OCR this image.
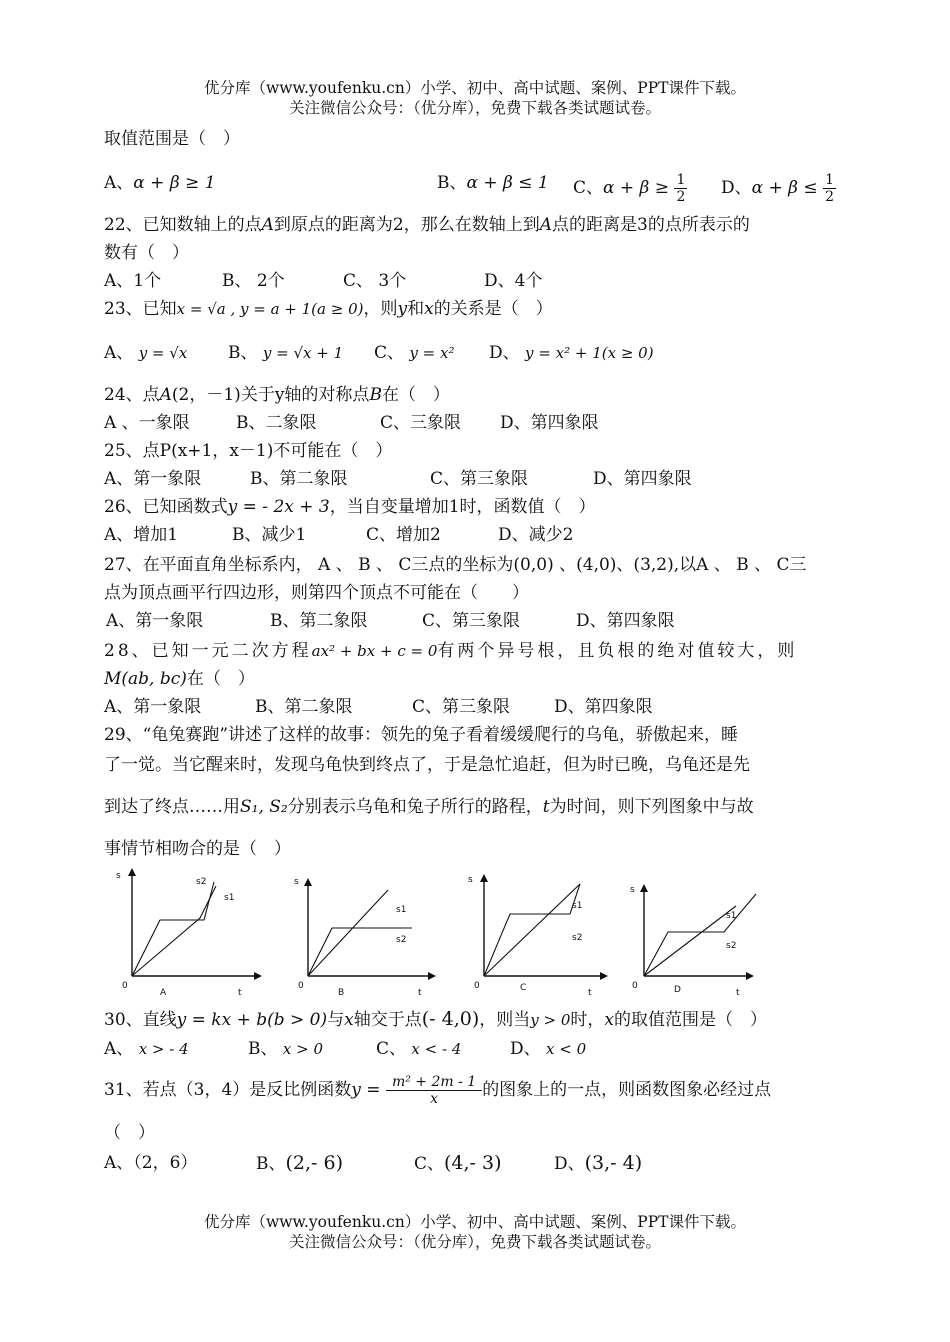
优分库（www.youfenku.cn）小学、初中、高中试题、案例、PPT课件下载。
关注微信公众号：（优分库），免费下载各类试题试卷。
取值范围是（　）
A、α + β ≥ 1	B、α + β ≤ 1 C、$\alpha + \beta \ge \frac{1}{2}$ D、$\alpha + \beta \le \frac{1}{2}$
22、已知数轴上的点A到原点的距离为2，那么在数轴上到A点的距离是3的点所表示的
数有（　）
A、1个	B、 2个	C、 3个	D、4个
23、已知x = √a , y = a + 1(a ≥ 0)，则y和x的关系是（　）
A、 y = √x B、 y = √x + 1 C、 y = x² D、 y = x² + 1(x ≥ 0)
24、点A(2，－1)关于y轴的对称点B在（　）
A 、一象限	B、二象限	C、三象限 D、第四象限
25、点P(x+1，x－1)不可能在（　）
A、第一象限	B、第二象限	C、第三象限	D、第四象限
26、已知函数式y = - 2x + 3，当自变量增加1时，函数值（　）
A、增加1	B、减少1	C、增加2	D、减少2
27、在平面直角坐标系内， A 、 B 、 C三点的坐标为(0,0) 、(4,0)、(3,2),以A 、 B 、 C三
点为顶点画平行四边形，则第四个顶点不可能在（　　）
A、第一象限	B、第二象限	C、第三象限	D、第四象限
28、已知一元二次方程ax² + bx + c = 0有两个异号根，且负根的绝对值较大，则
M(ab, bc)在（　）
A、第一象限	B、第二象限	C、第三象限	D、第四象限
29、“龟兔赛跑”讲述了这样的故事：领先的兔子看着缓缓爬行的乌龟，骄傲起来，睡
了一觉。当它醒来时，发现乌龟快到终点了，于是急忙追赶，但为时已晚，乌龟还是先
到达了终点……用S₁, S₂分别表示乌龟和兔子所行的路程，t为时间，则下列图象中与故
事情节相吻合的是（　）
s
0
t
A
s2
s1
s
0
t
B
s1
s2
s
0
t
C
s1
s2
s
0
t
D
s1
s2
30、直线y = kx + b(b > 0)与x轴交于点(- 4,0)，则当y > 0时，x的取值范围是（　）
A、 x > - 4	B、 x > 0	C、 x < - 4	D、 x < 0
31、若点（3，4）是反比例函数$y = \frac{\text{m² + 2m - 1}}{x}$ 的图象上的一点，则函数图象必经过点
（　）
A、（2，6）	B、(2,- 6)	C、(4,- 3)	D、(3,- 4)
优分库（www.youfenku.cn）小学、初中、高中试题、案例、PPT课件下载。
关注微信公众号：（优分库），免费下载各类试题试卷。
